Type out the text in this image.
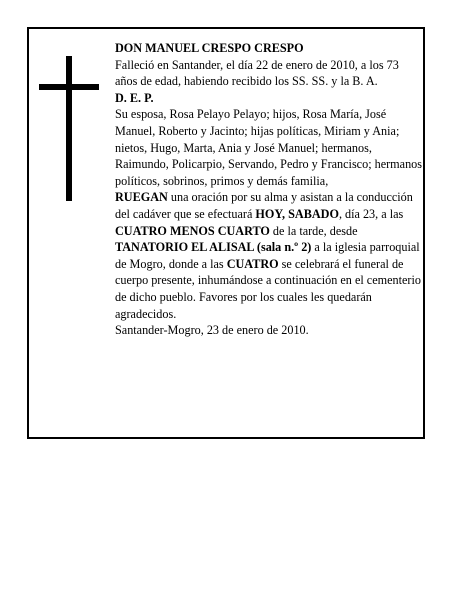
DON MANUEL CRESPO CRESPO

Falleció en Santander, el día 22 de enero de 2010, a los 73 años de edad, habiendo recibido los SS. SS. y la B. A.

D. E. P.

Su esposa, Rosa Pelayo Pelayo; hijos, Rosa María, José Manuel, Roberto y Jacinto; hijas políticas, Miriam y Ania; nietos, Hugo, Marta, Ania y José Manuel; hermanos, Raimundo, Policarpio, Servando, Pedro y Francisco; hermanos políticos, sobrinos, primos y demás familia,

RUEGAN una oración por su alma y asistan a la conducción del cadáver que se efectuará HOY, SABADO, día 23, a las CUATRO MENOS CUARTO de la tarde, desde TANATORIO EL ALISAL (sala n.º 2) a la iglesia parroquial de Mogro, donde a las CUATRO se celebrará el funeral de cuerpo presente, inhumándose a continuación en el cementerio de dicho pueblo. Favores por los cuales les quedarán agradecidos.

Santander-Mogro, 23 de enero de 2010.
